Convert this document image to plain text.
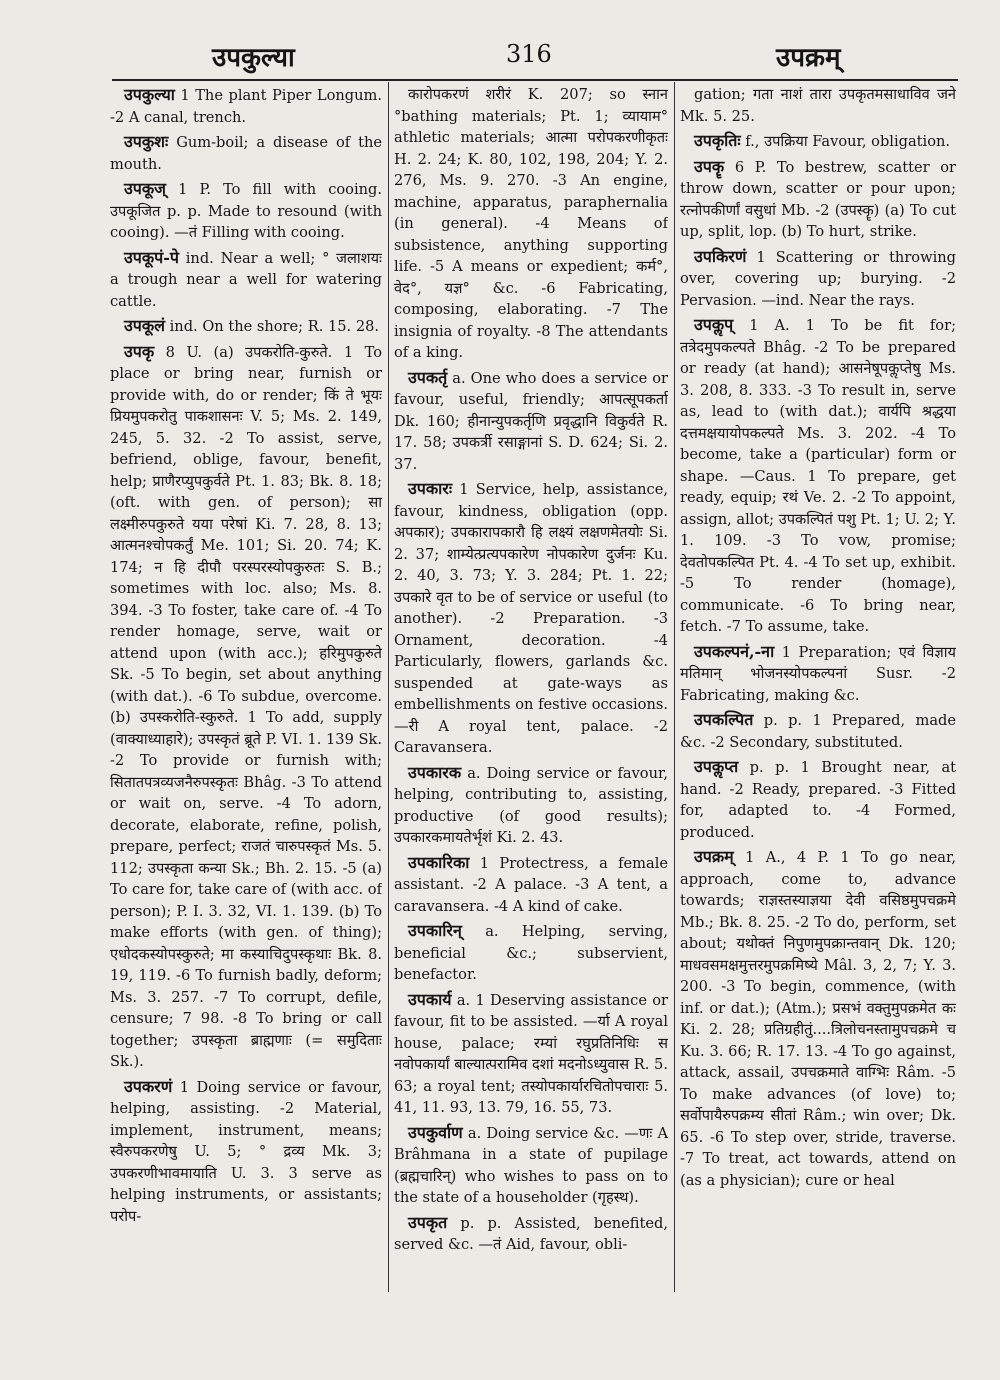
उपकुल्या	316	उपक्रम्

उपकुल्या 1 The plant Piper Longum. -2 A canal, trench.

उपकुशः Gum-boil; a disease of the mouth.

उपकूज् 1 P. To fill with cooing. उपकूजित p. p. Made to resound (with cooing). —तं Filling with cooing.

उपकूपं-पे ind. Near a well; ° जलाशयः a trough near a well for watering cattle.

उपकूलं ind. On the shore; R. 15. 28.

उपकृ 8 U. (a) उपकरोति-कुरुते. 1 To place or bring near, furnish or provide with, do or render; किं ते भूयः प्रियमुपकरोतु पाकशासनः V. 5; Ms. 2. 149, 245, 5. 32. -2 To assist, serve, befriend, oblige, favour, benefit, help; प्राणैरप्युपकुर्वते Pt. 1. 83; Bk. 8. 18; (oft. with gen. of person); सा लक्ष्मीरुपकुरुते यया परेषां Ki. 7. 28, 8. 13; आत्मनश्चोपकर्तुं Me. 101; Si. 20. 74; K. 174; न हि दीपौ परस्परस्योपकुरुतः S. B.; sometimes with loc. also; Ms. 8. 394. -3 To foster, take care of. -4 To render homage, serve, wait or attend upon (with acc.); हरिमुपकुरुते Sk. -5 To begin, set about anything (with dat.). -6 To subdue, overcome. (b) उपस्करोति-स्कुरुते. 1 To add, supply (वाक्याध्याहारे); उपस्कृतं ब्रूते P. VI. 1. 139 Sk. -2 To provide or furnish with; सितातपत्रव्यजनैरुपस्कृतः Bhâg. -3 To attend or wait on, serve. -4 To adorn, decorate, elaborate, refine, polish, prepare, perfect; राजतं चारुपस्कृतं Ms. 5. 112; उपस्कृता कन्या Sk.; Bh. 2. 15. -5 (a) To care for, take care of (with acc. of person); P. I. 3. 32, VI. 1. 139. (b) To make efforts (with gen. of thing); एधोदकस्योपस्कुरुते; मा कस्याचिदुपस्कृथाः Bk. 8. 19, 119. -6 To furnish badly, deform; Ms. 3. 257. -7 To corrupt, defile, censure; 7 98. -8 To bring or call together; उपस्कृता ब्राह्मणाः (= समुदिताः Sk.).

उपकरणं 1 Doing service or favour, helping, assisting. -2 Material, implement, instrument, means; स्वैरुपकरणेषु U. 5; ° द्रव्य Mk. 3; उपकरणीभावमायाति U. 3. 3 serve as helping instruments, or assistants; परोप-

कारोपकरणं शरीरं K. 207; so स्नान °bathing materials; Pt. 1; व्यायाम° athletic materials; आत्मा परोपकरणीकृतः H. 2. 24; K. 80, 102, 198, 204; Y. 2. 276, Ms. 9. 270. -3 An engine, machine, apparatus, paraphernalia (in general). -4 Means of subsistence, anything supporting life. -5 A means or expedient; कर्म°, वेद°, यज्ञ° &c. -6 Fabricating, composing, elaborating. -7 The insignia of royalty. -8 The attendants of a king.

उपकर्तृ a. One who does a service or favour, useful, friendly; आपत्सूपकर्ता Dk. 160; हीनान्युपकर्तृणि प्रवृद्धानि विकुर्वते R. 17. 58; उपकर्त्री रसाङ्गानां S. D. 624; Si. 2. 37.

उपकारः 1 Service, help, assistance, favour, kindness, obligation (opp. अपकार); उपकारापकारौ हि लक्ष्यं लक्षणमेतयोः Si. 2. 37; शाम्येत्प्रत्यपकारेण नोपकारेण दुर्जनः Ku. 2. 40, 3. 73; Y. 3. 284; Pt. 1. 22; उपकारे वृत to be of service or useful (to another). -2 Preparation. -3 Ornament, decoration. -4 Particularly, flowers, garlands &c. suspended at gate-ways as embellishments on festive occasions. —री A royal tent, palace. -2 Caravansera.

उपकारक a. Doing service or favour, helping, contributing to, assisting, productive (of good results); उपकारकमायतेर्भृशं Ki. 2. 43.

उपकारिका 1 Protectress, a female assistant. -2 A palace. -3 A tent, a caravansera. -4 A kind of cake.

उपकारिन् a. Helping, serving, beneficial &c.; subservient, benefactor.

उपकार्य a. 1 Deserving assistance or favour, fit to be assisted. —र्या A royal house, palace; रम्यां रघुप्रतिनिधिः स नवोपकार्यां बाल्यात्परामिव दशां मदनोऽध्युवास R. 5. 63; a royal tent; तस्योपकार्यारचितोपचाराः 5. 41, 11. 93, 13. 79, 16. 55, 73.

उपकुर्वाण a. Doing service &c. —णः A Brâhmana in a state of pupilage (ब्रह्मचारिन्) who wishes to pass on to the state of a householder (गृहस्थ).

उपकृत p. p. Assisted, benefited, served &c. —तं Aid, favour, obli-

gation; गता नाशं तारा उपकृतमसाधाविव जने Mk. 5. 25.

उपकृतिः f., उपक्रिया Favour, obligation.

उपकॄ 6 P. To bestrew, scatter or throw down, scatter or pour upon; रत्नोपकीर्णां वसुधां Mb. -2 (उपस्कॄ) (a) To cut up, split, lop. (b) To hurt, strike.

उपकिरणं 1 Scattering or throwing over, covering up; burying. -2 Pervasion. —ind. Near the rays.

उपकॢप् 1 A. 1 To be fit for; तत्रेदमुपकल्पते Bhâg. -2 To be prepared or ready (at hand); आसनेषूपकॢप्तेषु Ms. 3. 208, 8. 333. -3 To result in, serve as, lead to (with dat.); वार्यपि श्रद्धया दत्तमक्षयायोपकल्पते Ms. 3. 202. -4 To become, take a (particular) form or shape. —Caus. 1 To prepare, get ready, equip; रथं Ve. 2. -2 To appoint, assign, allot; उपकल्पितं पशु Pt. 1; U. 2; Y. 1. 109. -3 To vow, promise; देवतोपकल्पित Pt. 4. -4 To set up, exhibit. -5 To render (homage), communicate. -6 To bring near, fetch. -7 To assume, take.

उपकल्पनं,-ना 1 Preparation; एवं विज्ञाय मतिमान् भोजनस्योपकल्पनां Susr. -2 Fabricating, making &c.

उपकल्पित p. p. 1 Prepared, made &c. -2 Secondary, substituted.

उपकॢप्त p. p. 1 Brought near, at hand. -2 Ready, prepared. -3 Fitted for, adapted to. -4 Formed, produced.

उपक्रम् 1 A., 4 P. 1 To go near, approach, come to, advance towards; राज्ञस्तस्याज्ञया देवी वसिष्ठमुपचक्रमे Mb.; Bk. 8. 25. -2 To do, perform, set about; यथोक्तं निपुणमुपक्रान्तवान् Dk. 120; माधवसमक्षमुत्तरमुपक्रमिष्ये Mâl. 3, 2, 7; Y. 3. 200. -3 To begin, commence, (with inf. or dat.); (Atm.); प्रसभं वक्तुमुपक्रमेत कः Ki. 2. 28; प्रतिग्रहीतुं....त्रिलोचनस्तामुपचक्रमे च Ku. 3. 66; R. 17. 13. -4 To go against, attack, assail, उपचक्रमाते वाग्भिः Râm. -5 To make advances (of love) to; सर्वोपायैरुपक्रम्य सीतां Râm.; win over; Dk. 65. -6 To step over, stride, traverse. -7 To treat, act towards, attend on (as a physician); cure or heal
